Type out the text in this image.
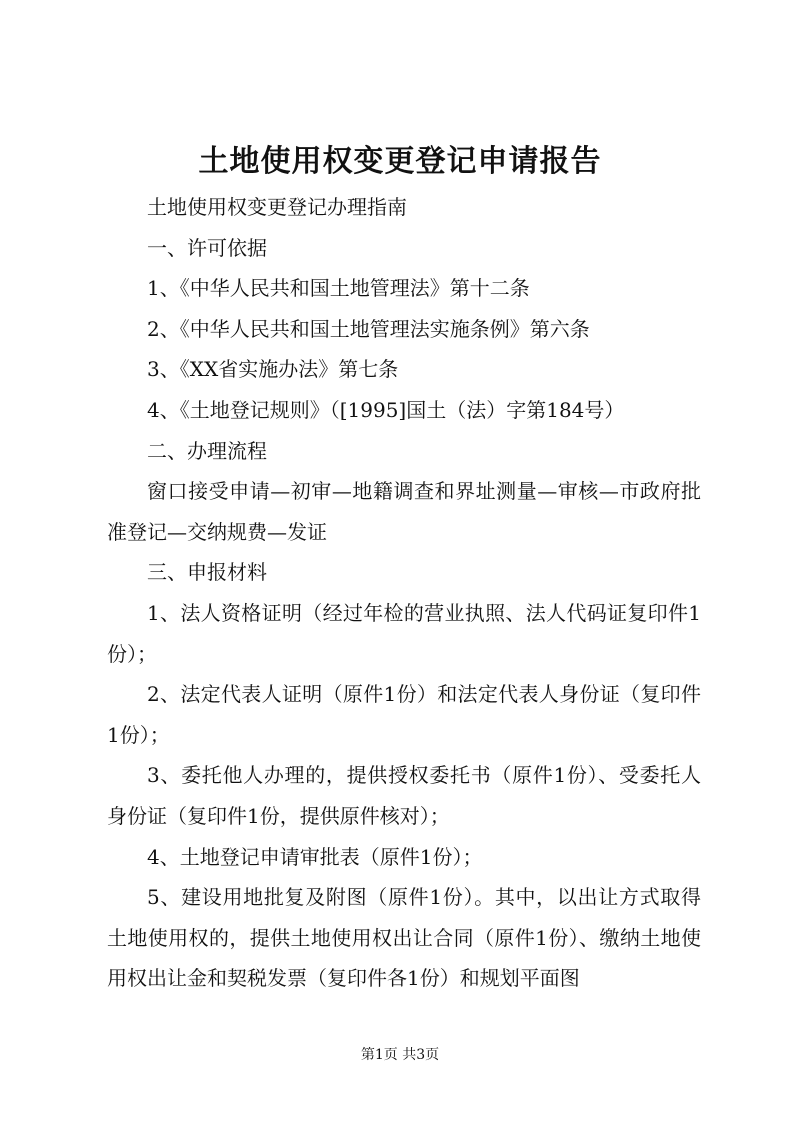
土地使用权变更登记申请报告

土地使用权变更登记办理指南

一、许可依据

1、《中华人民共和国土地管理法》第十二条

2、《中华人民共和国土地管理法实施条例》第六条

3、《XX省实施办法》第七条

4、《土地登记规则》（[1995]国土（法）字第184号）

二、办理流程

窗口接受申请—初审—地籍调查和界址测量—审核—市政府批准登记—交纳规费—发证

三、申报材料

1、法人资格证明（经过年检的营业执照、法人代码证复印件1份）；

2、法定代表人证明（原件1份）和法定代表人身份证（复印件1份）；

3、委托他人办理的，提供授权委托书（原件1份）、受委托人身份证（复印件1份，提供原件核对）；

4、土地登记申请审批表（原件1份）；

5、建设用地批复及附图（原件1份）。其中，以出让方式取得土地使用权的，提供土地使用权出让合同（原件1份）、缴纳土地使用权出让金和契税发票（复印件各1份）和规划平面图

第1页 共3页
